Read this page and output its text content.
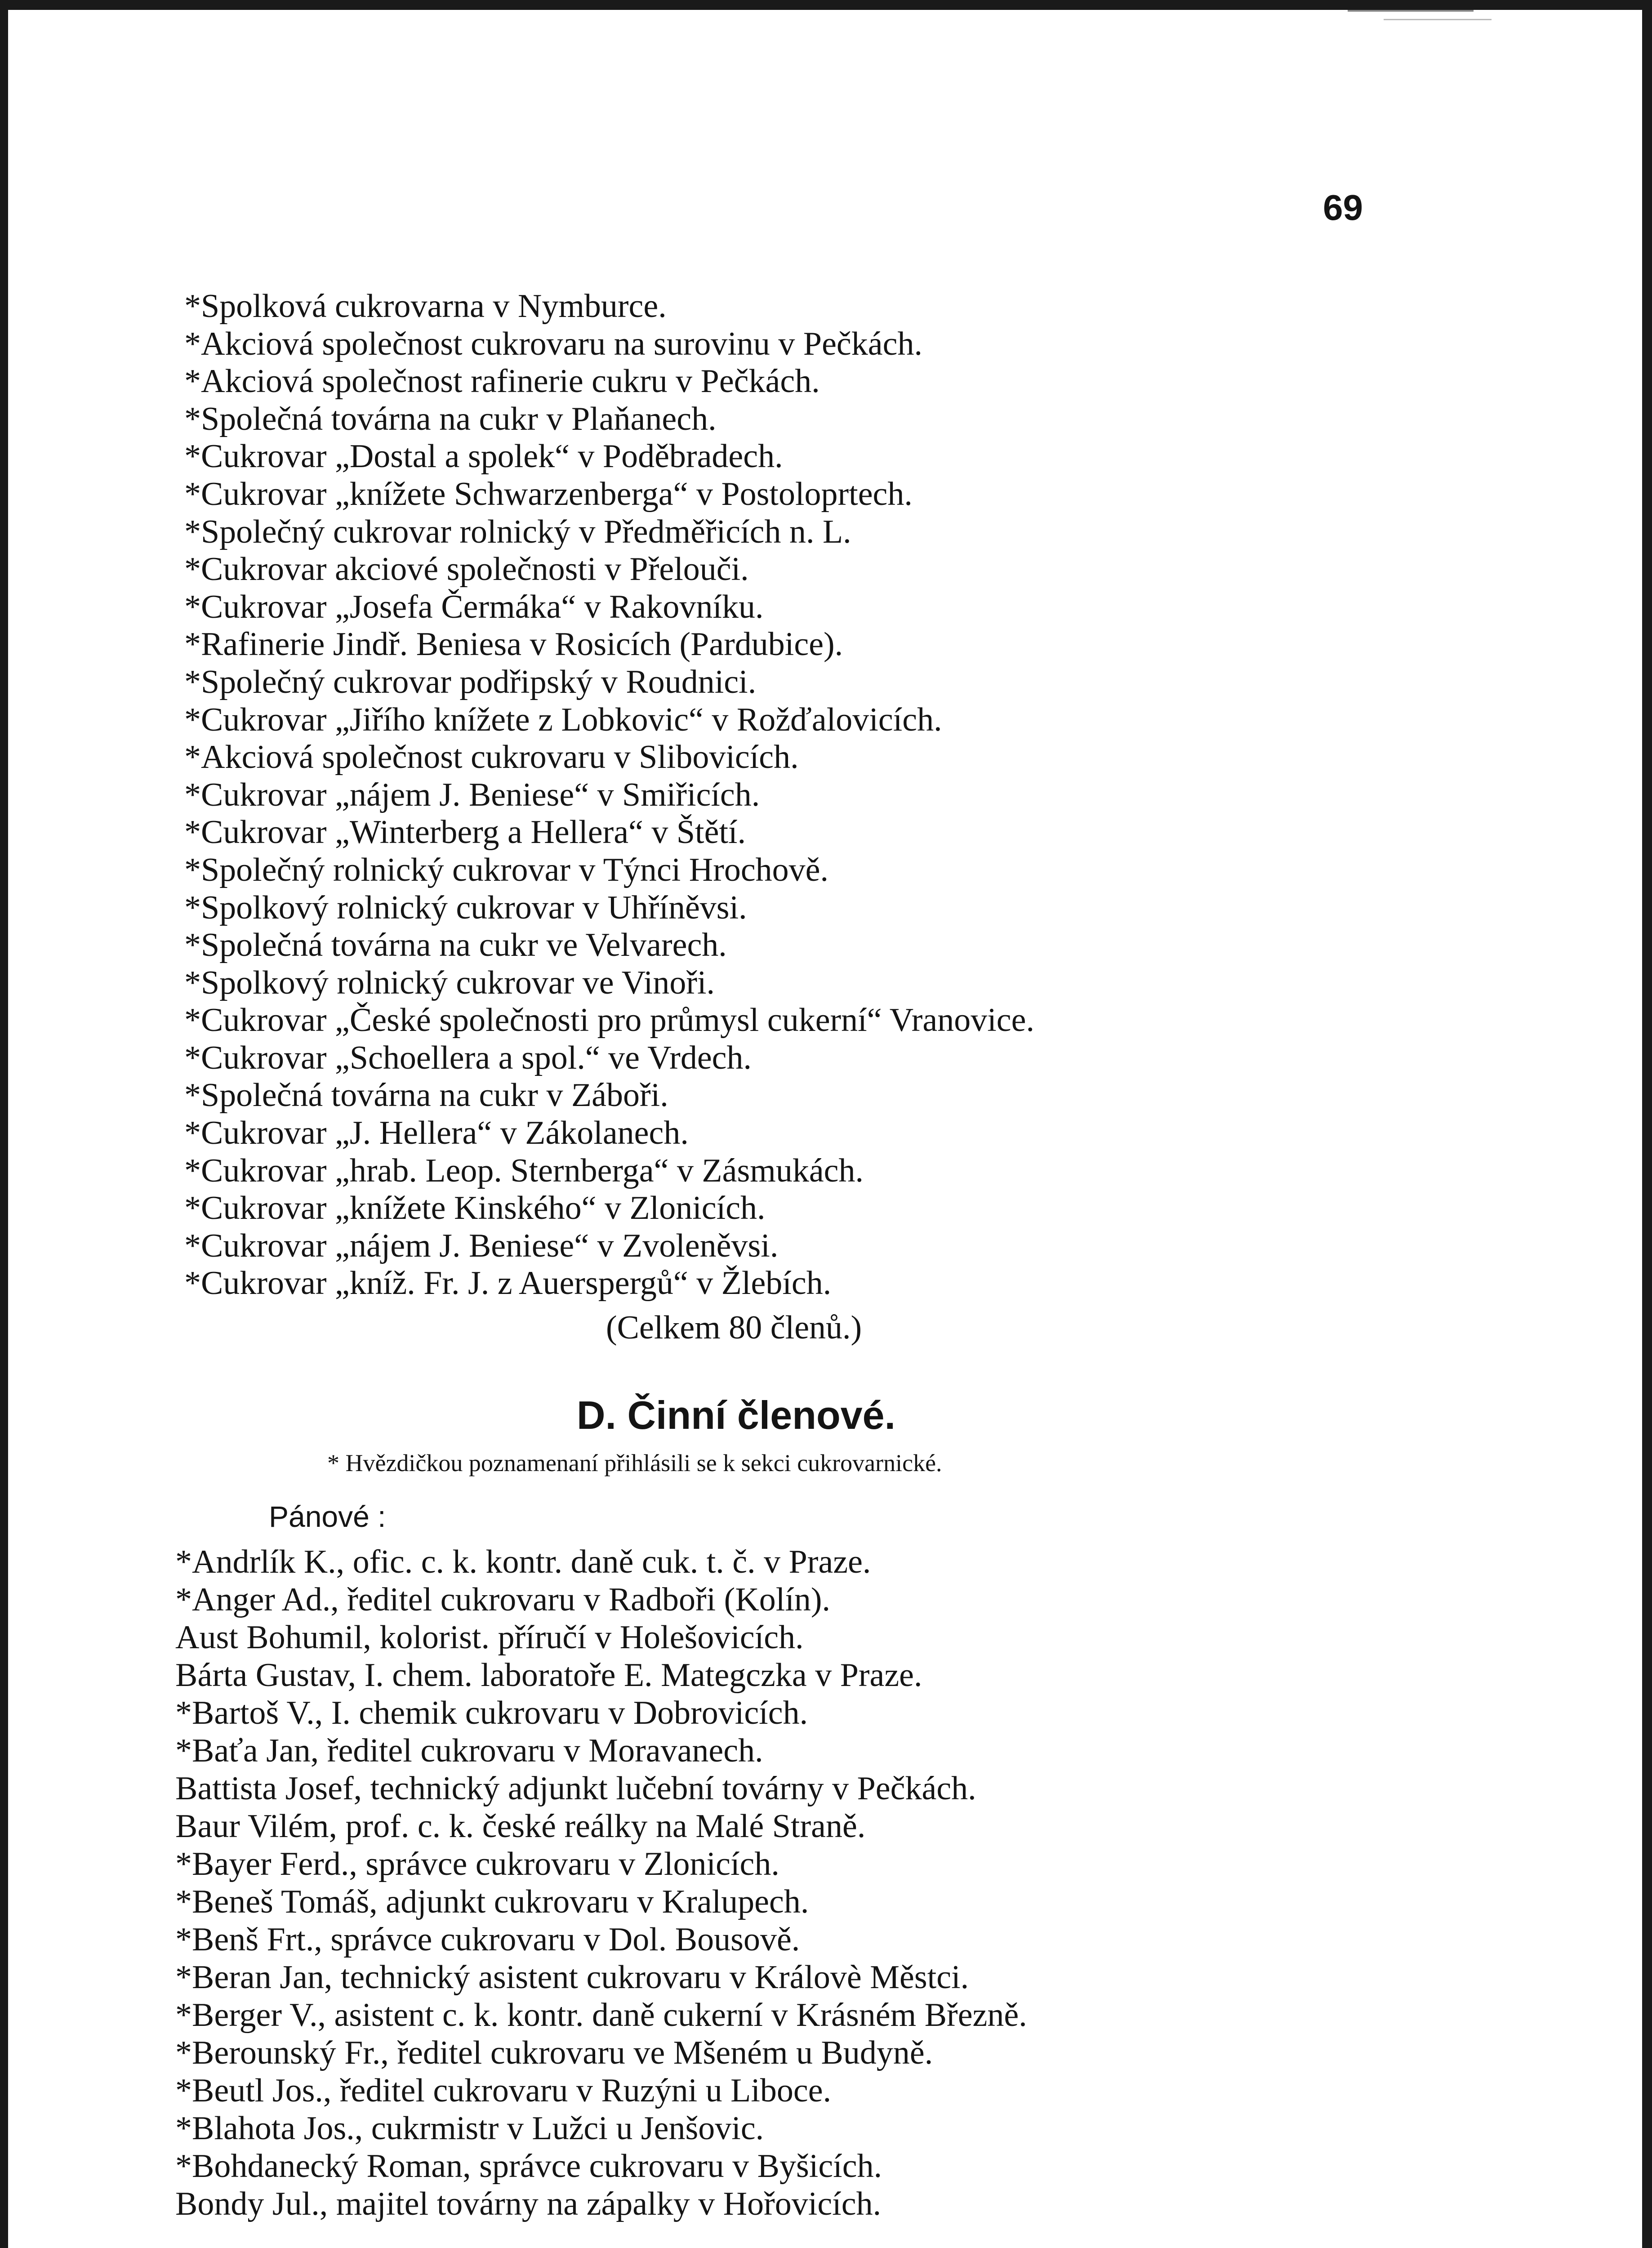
69
*Spolková cukrovarna v Nymburce.
*Akciová společnost cukrovaru na surovinu v Pečkách.
*Akciová společnost rafinerie cukru v Pečkách.
*Společná továrna na cukr v Plaňanech.
*Cukrovar „Dostal a spolek“ v Poděbradech.
*Cukrovar „knížete Schwarzenberga“ v Postoloprtech.
*Společný cukrovar rolnický v Předměřicích n. L.
*Cukrovar akciové společnosti v Přelouči.
*Cukrovar „Josefa Čermáka“ v Rakovníku.
*Rafinerie Jindř. Beniesa v Rosicích (Pardubice).
*Společný cukrovar podřipský v Roudnici.
*Cukrovar „Jiřího knížete z Lobkovic“ v Rožďalovicích.
*Akciová společnost cukrovaru v Slibovicích.
*Cukrovar „nájem J. Beniese“ v Smiřicích.
*Cukrovar „Winterberg a Hellera“ v Štětí.
*Společný rolnický cukrovar v Týnci Hrochově.
*Spolkový rolnický cukrovar v Uhříněvsi.
*Společná továrna na cukr ve Velvarech.
*Spolkový rolnický cukrovar ve Vinoři.
*Cukrovar „České společnosti pro průmysl cukerní“ Vranovice.
*Cukrovar „Schoellera a spol.“ ve Vrdech.
*Společná továrna na cukr v Záboři.
*Cukrovar „J. Hellera“ v Zákolanech.
*Cukrovar „hrab. Leop. Sternberga“ v Zásmukách.
*Cukrovar „knížete Kinského“ v Zlonicích.
*Cukrovar „nájem J. Beniese“ v Zvoleněvsi.
*Cukrovar „kníž. Fr. J. z Auerspergů“ v Žlebích.
(Celkem 80 členů.)
D. Činní členové.
* Hvězdičkou poznamenaní přihlásili se k sekci cukrovarnické.
Pánové :
*Andrlík K., ofic. c. k. kontr. daně cuk. t. č. v Praze.
*Anger Ad., ředitel cukrovaru v Radboři (Kolín).
Aust Bohumil, kolorist. příručí v Holešovicích.
Bárta Gustav, I. chem. laboratoře E. Mategczka v Praze.
*Bartoš V., I. chemik cukrovaru v Dobrovicích.
*Baťa Jan, ředitel cukrovaru v Moravanech.
Battista Josef, technický adjunkt lučební továrny v Pečkách.
Baur Vilém, prof. c. k. české reálky na Malé Straně.
*Bayer Ferd., správce cukrovaru v Zlonicích.
*Beneš Tomáš, adjunkt cukrovaru v Kralupech.
*Benš Frt., správce cukrovaru v Dol. Bousově.
*Beran Jan, technický asistent cukrovaru v Královè Městci.
*Berger V., asistent c. k. kontr. daně cukerní v Krásném Březně.
*Berounský Fr., ředitel cukrovaru ve Mšeném u Budyně.
*Beutl Jos., ředitel cukrovaru v Ruzýni u Liboce.
*Blahota Jos., cukrmistr v Lužci u Jenšovic.
*Bohdanecký Roman, správce cukrovaru v Byšicích.
Bondy Jul., majitel továrny na zápalky v Hořovicích.
